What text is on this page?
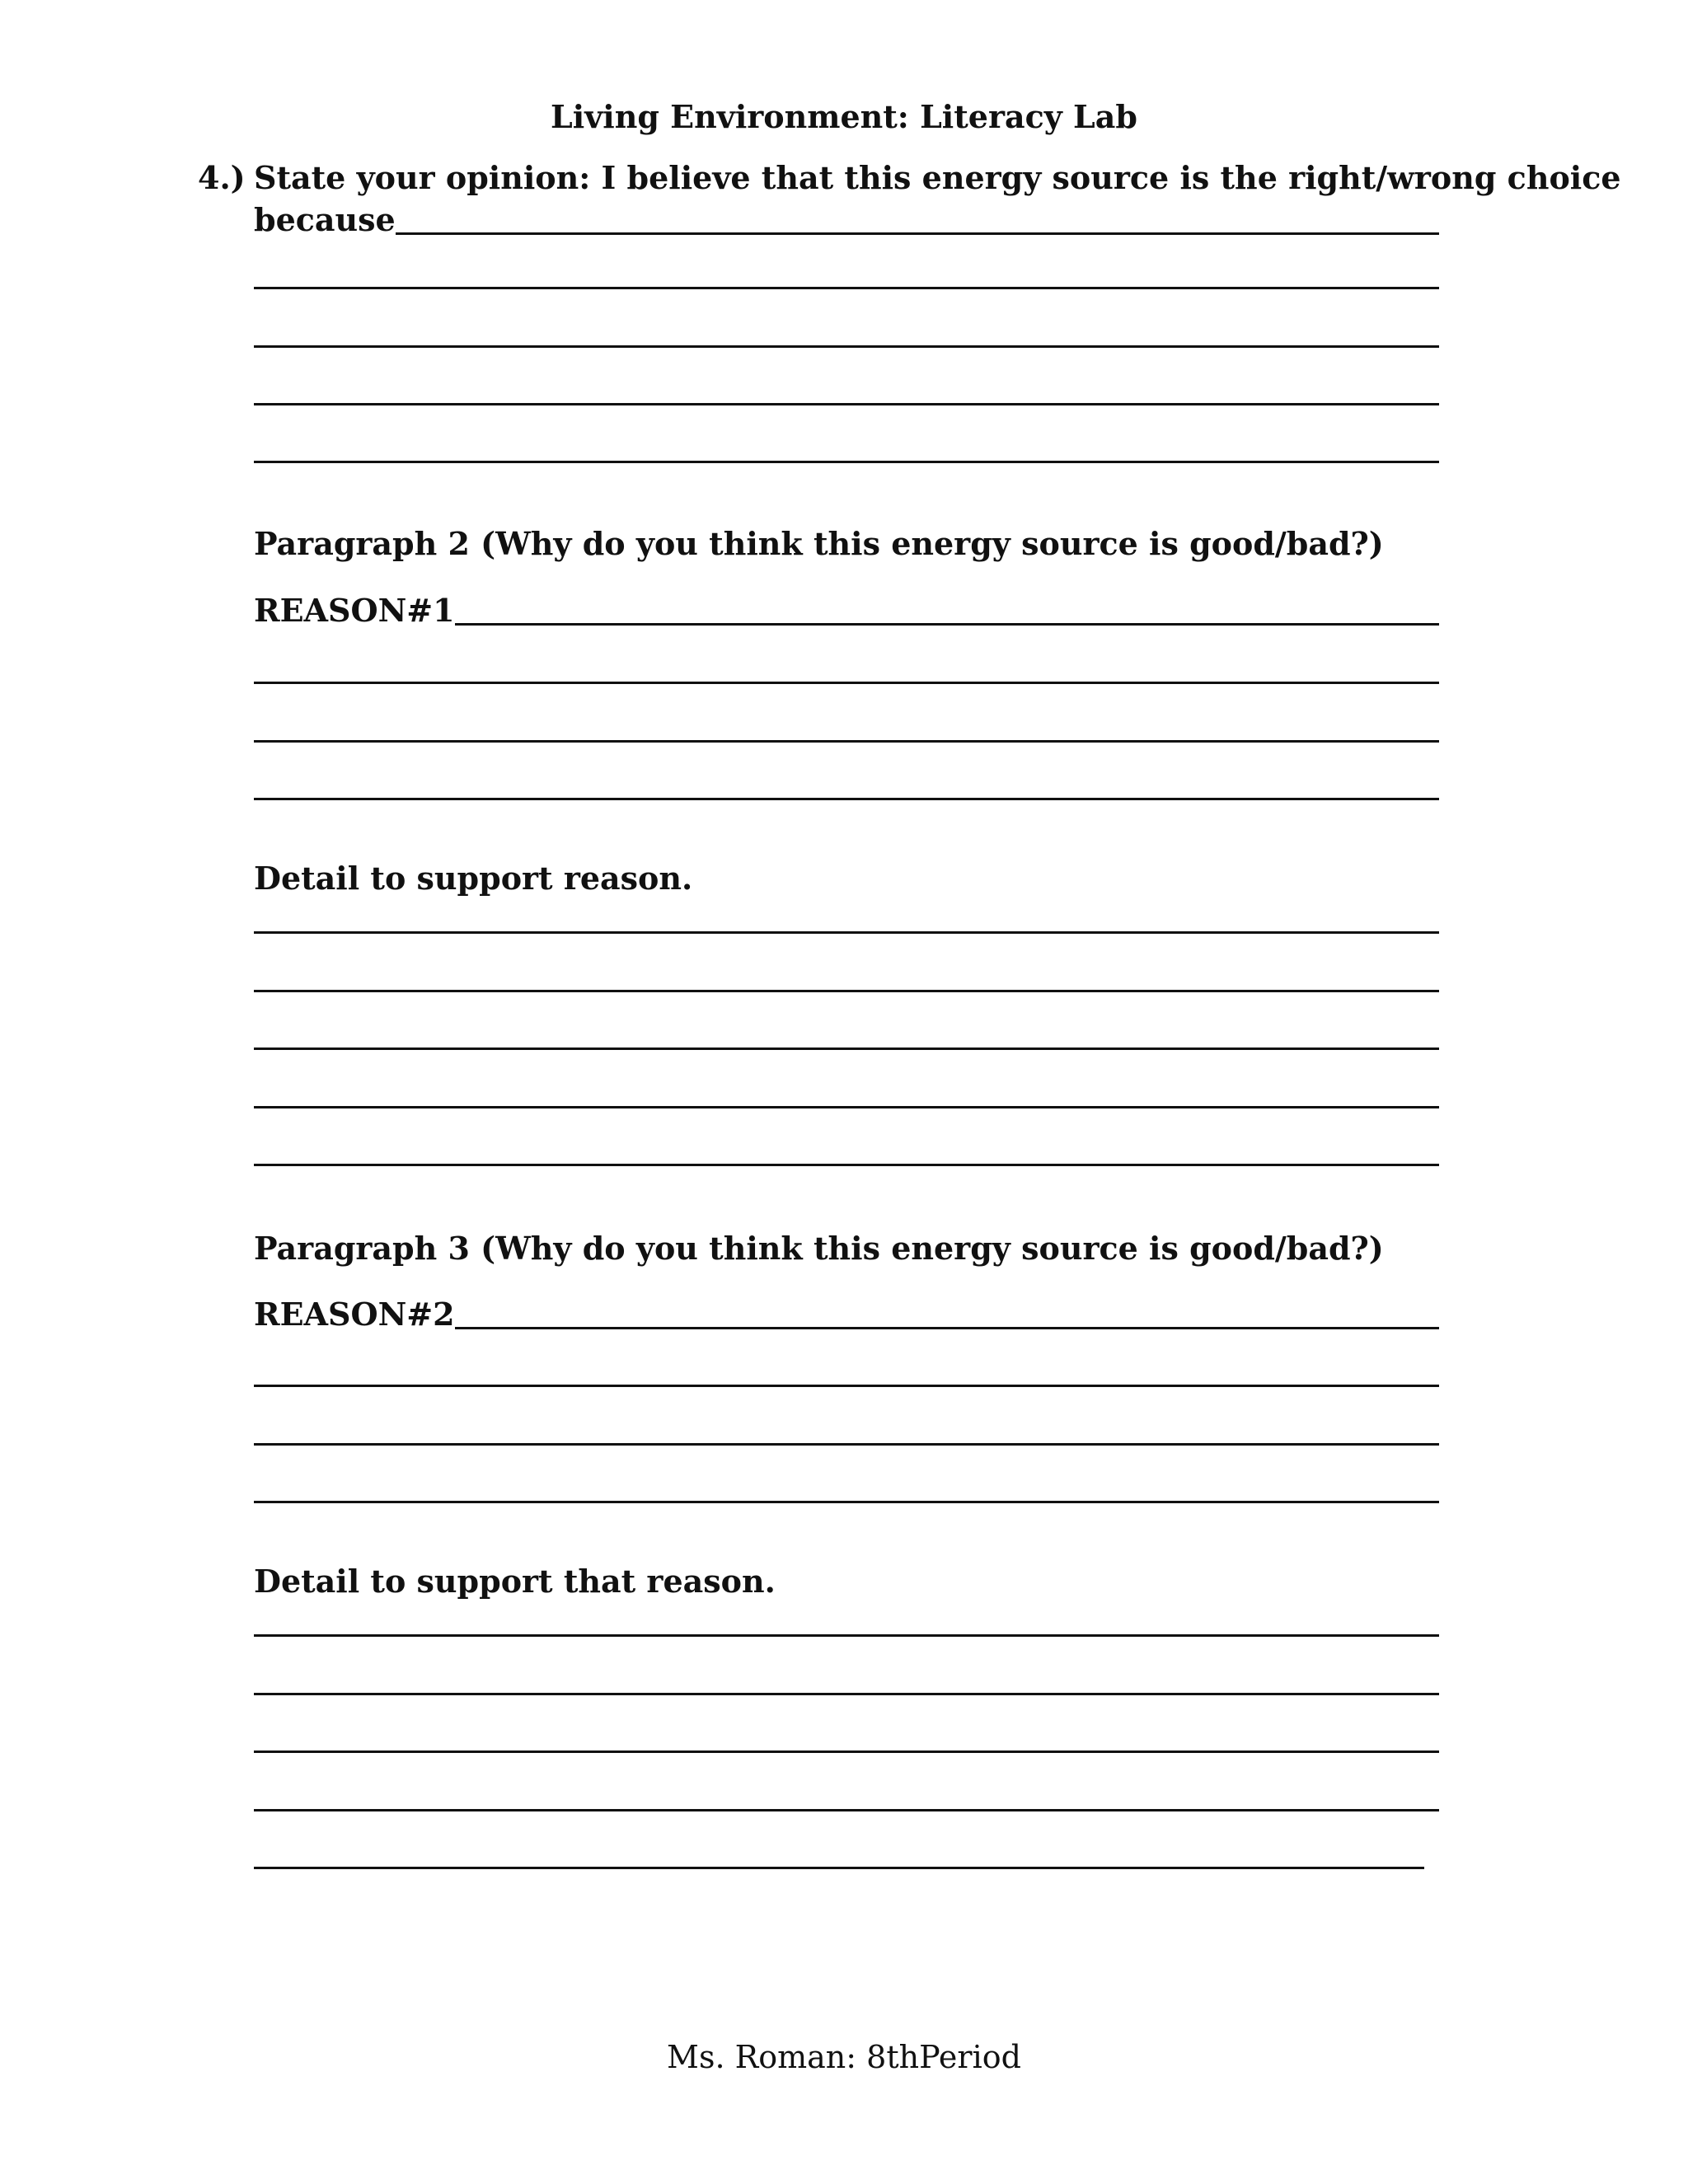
Living Environment: Literacy Lab
4.) State your opinion: I believe that this energy source is the right/wrong choice
because
Paragraph 2 (Why do you think this energy source is good/bad?)
REASON#1
Detail to support reason.
Paragraph 3 (Why do you think this energy source is good/bad?)
REASON#2
Detail to support that reason.
Ms. Roman: 8thPeriod
